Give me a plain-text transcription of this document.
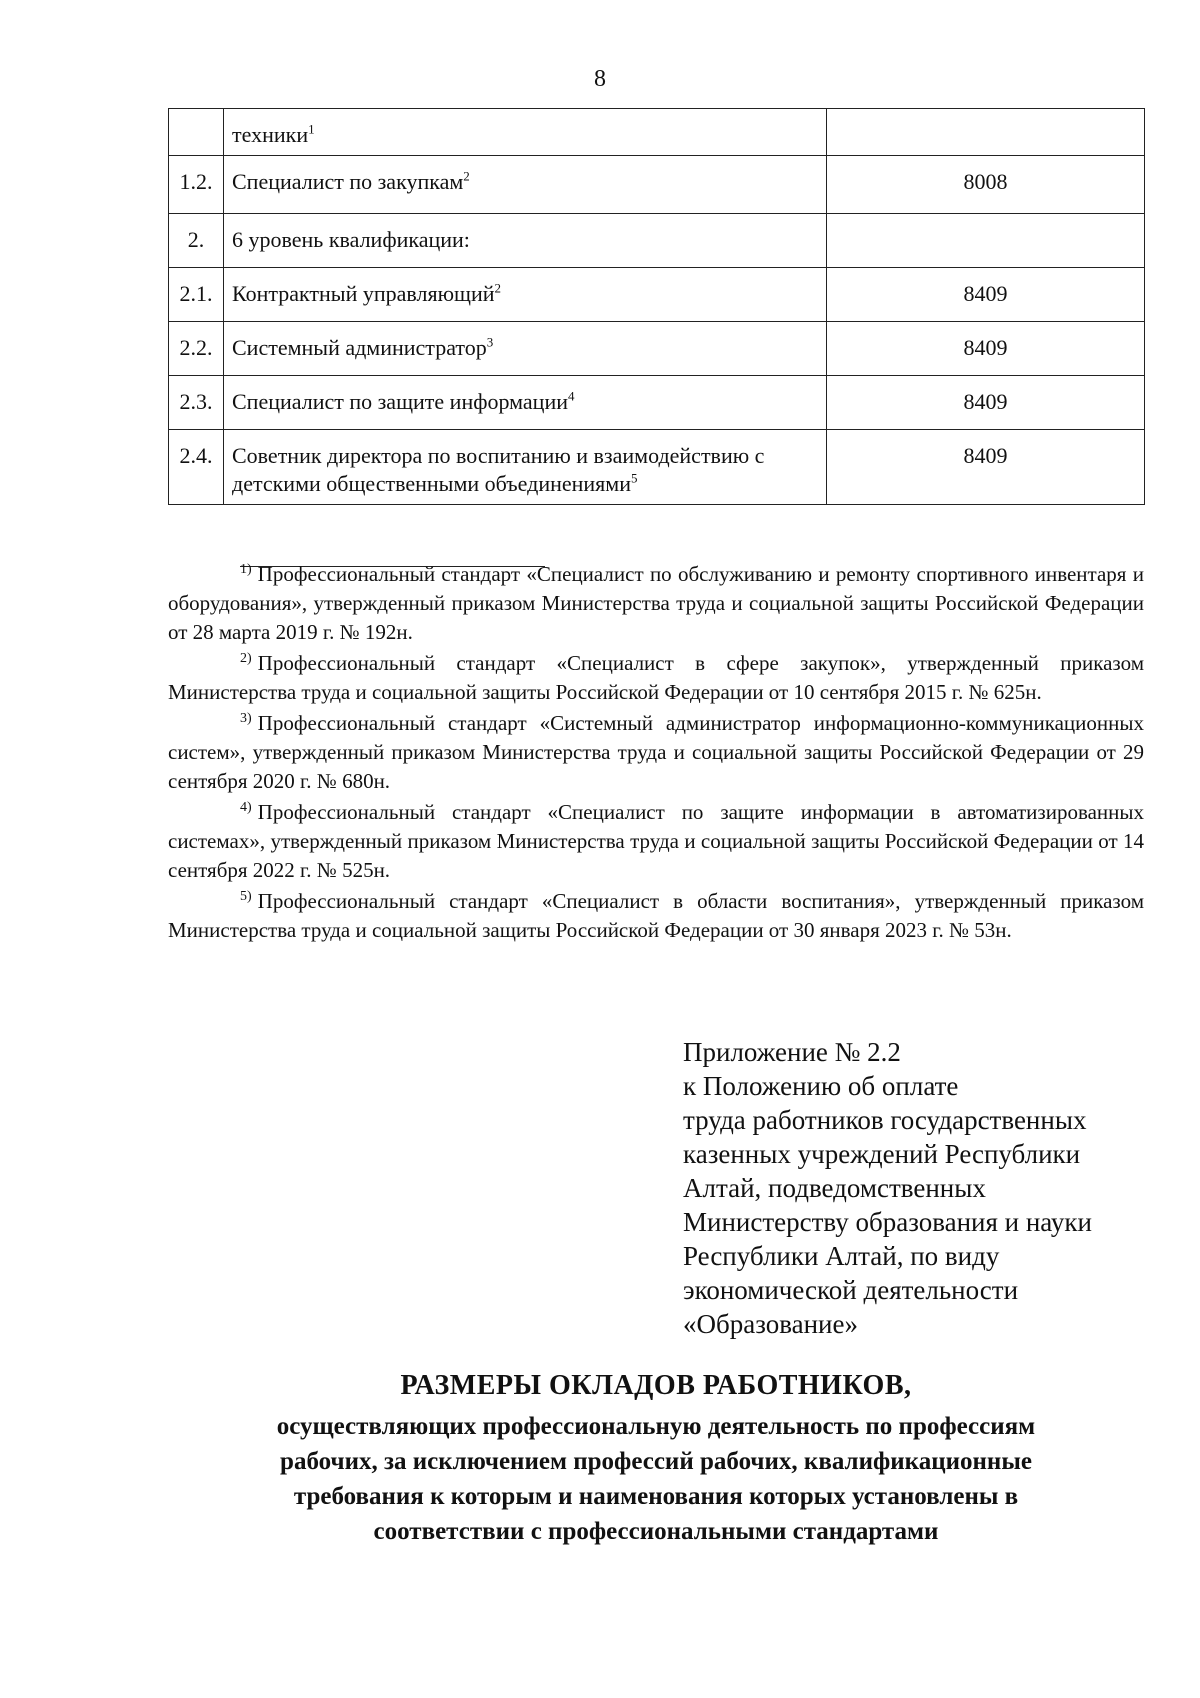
8
	техники$^1$	
1.2.	Специалист по закупкам$^2$	8008
2.	6 уровень квалификации:	
2.1.	Контрактный управляющий$^2$	8409
2.2.	Системный администратор$^3$	8409
2.3.	Специалист по защите информации$^4$	8409
2.4.	Советник директора по воспитанию и взаимодействию с детскими общественными объединениями$^5$	8409

$^{1)}$ Профессиональный стандарт «Специалист по обслуживанию и ремонту спортивного инвентаря и оборудования», утвержденный приказом Министерства труда и социальной защиты Российской Федерации от 28 марта 2019 г. № 192н.

$^{2)}$ Профессиональный стандарт «Специалист в сфере закупок», утвержденный приказом Министерства труда и социальной защиты Российской Федерации от 10 сентября 2015 г. № 625н.

$^{3)}$ Профессиональный стандарт «Системный администратор информационно-коммуникационных систем», утвержденный приказом Министерства труда и социальной защиты Российской Федерации от 29 сентября 2020 г. № 680н.

$^{4)}$ Профессиональный стандарт «Специалист по защите информации в автоматизированных системах», утвержденный приказом Министерства труда и социальной защиты Российской Федерации от 14 сентября 2022 г. № 525н.

$^{5)}$ Профессиональный стандарт «Специалист в области воспитания», утвержденный приказом Министерства труда и социальной защиты Российской Федерации от 30 января 2023 г. № 53н.

Приложение № 2.2
к Положению об оплате
труда работников государственных
казенных учреждений Республики
Алтай, подведомственных
Министерству образования и науки
Республики Алтай, по виду
экономической деятельности
«Образование»
РАЗМЕРЫ ОКЛАДОВ РАБОТНИКОВ,
осуществляющих профессиональную деятельность по профессиям
рабочих, за исключением профессий рабочих, квалификационные
требования к которым и наименования которых установлены в
соответствии с профессиональными стандартами
